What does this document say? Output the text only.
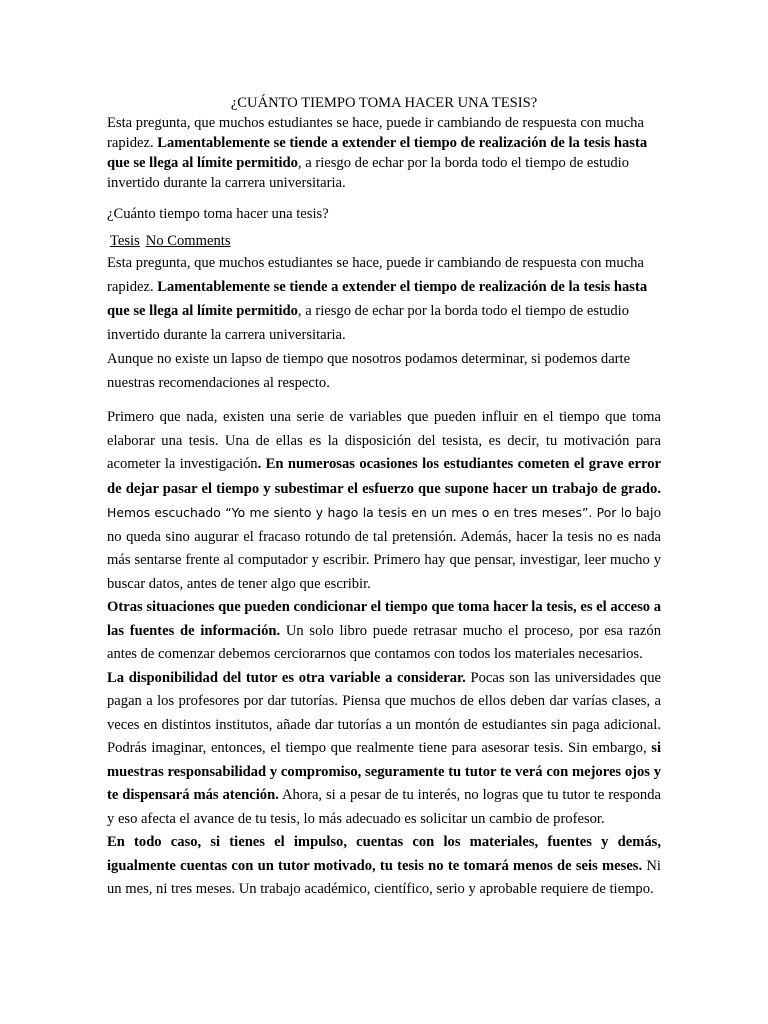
¿CUÁNTO TIEMPO TOMA HACER UNA TESIS?

Esta pregunta, que muchos estudiantes se hace, puede ir cambiando de respuesta con mucha rapidez. Lamentablemente se tiende a extender el tiempo de realización de la tesis hasta que se llega al límite permitido, a riesgo de echar por la borda todo el tiempo de estudio invertido durante la carrera universitaria.

¿Cuánto tiempo toma hacer una tesis?

Tesis No Comments

Esta pregunta, que muchos estudiantes se hace, puede ir cambiando de respuesta con mucha rapidez. Lamentablemente se tiende a extender el tiempo de realización de la tesis hasta que se llega al límite permitido, a riesgo de echar por la borda todo el tiempo de estudio invertido durante la carrera universitaria.

Aunque no existe un lapso de tiempo que nosotros podamos determinar, si podemos darte nuestras recomendaciones al respecto.

Primero que nada, existen una serie de variables que pueden influir en el tiempo que toma elaborar una tesis. Una de ellas es la disposición del tesista, es decir, tu motivación para acometer la investigación. En numerosas ocasiones los estudiantes cometen el grave error de dejar pasar el tiempo y subestimar el esfuerzo que supone hacer un trabajo de grado. Hemos escuchado “Yo me siento y hago la tesis en un mes o en tres meses”. Por lo bajo no queda sino augurar el fracaso rotundo de tal pretensión. Además, hacer la tesis no es nada más sentarse frente al computador y escribir. Primero hay que pensar, investigar, leer mucho y buscar datos, antes de tener algo que escribir.

Otras situaciones que pueden condicionar el tiempo que toma hacer la tesis, es el acceso a las fuentes de información. Un solo libro puede retrasar mucho el proceso, por esa razón antes de comenzar debemos cerciorarnos que contamos con todos los materiales necesarios.

La disponibilidad del tutor es otra variable a considerar. Pocas son las universidades que pagan a los profesores por dar tutorías. Piensa que muchos de ellos deben dar varías clases, a veces en distintos institutos, añade dar tutorías a un montón de estudiantes sin paga adicional. Podrás imaginar, entonces, el tiempo que realmente tiene para asesorar tesis. Sin embargo, si muestras responsabilidad y compromiso, seguramente tu tutor te verá con mejores ojos y te dispensará más atención. Ahora, si a pesar de tu interés, no logras que tu tutor te responda y eso afecta el avance de tu tesis, lo más adecuado es solicitar un cambio de profesor.

En todo caso, si tienes el impulso, cuentas con los materiales, fuentes y demás, igualmente cuentas con un tutor motivado, tu tesis no te tomará menos de seis meses. Ni un mes, ni tres meses. Un trabajo académico, científico, serio y aprobable requiere de tiempo.
